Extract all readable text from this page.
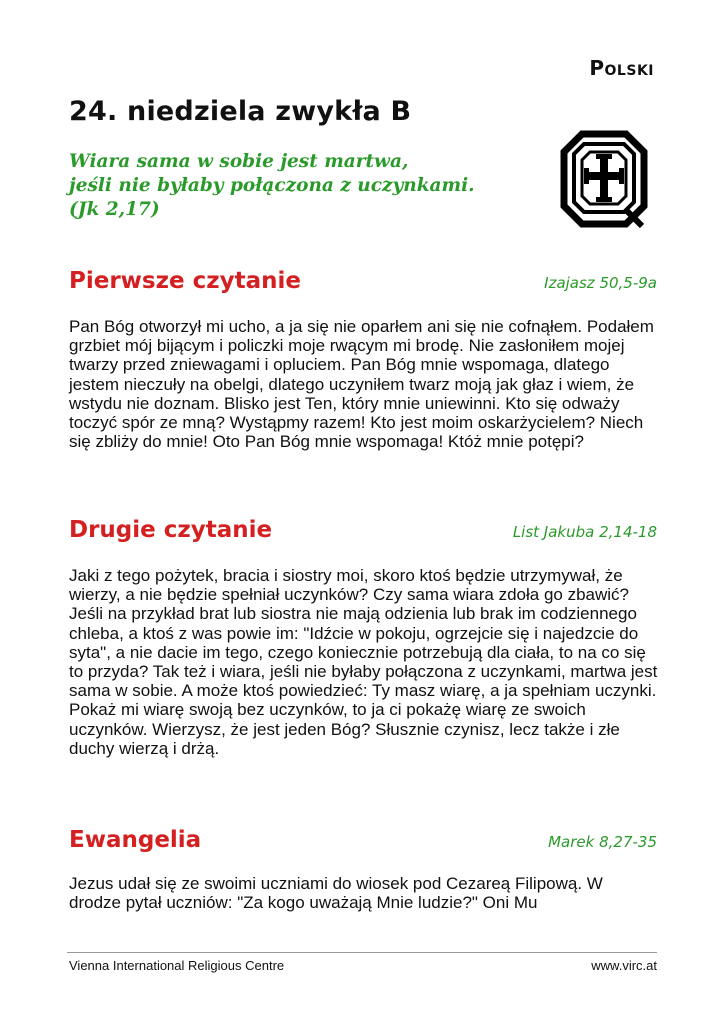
Polski
24. niedziela zwykła B
Wiara sama w sobie jest martwa,
jeśli nie byłaby połączona z uczynkami.
(Jk 2,17)
Pierwsze czytanie	Izajasz 50,5-9a

Pan Bóg otworzył mi ucho, a ja się nie oparłem ani się nie cofnąłem. Podałem grzbiet mój bijącym i policzki moje rwącym mi brodę. Nie zasłoniłem mojej twarzy przed zniewagami i opluciem. Pan Bóg mnie wspomaga, dlatego jestem nieczuły na obelgi, dlatego uczyniłem twarz moją jak głaz i wiem, że wstydu nie doznam. Blisko jest Ten, który mnie uniewinni. Kto się odważy toczyć spór ze mną? Wystąpmy razem! Kto jest moim oskarżycielem? Niech się zbliży do mnie! Oto Pan Bóg mnie wspomaga! Któż mnie potępi?

Drugie czytanie	List Jakuba 2,14-18

Jaki z tego pożytek, bracia i siostry moi, skoro ktoś będzie utrzymywał, że wierzy, a nie będzie spełniał uczynków? Czy sama wiara zdoła go zbawić? Jeśli na przykład brat lub siostra nie mają odzienia lub brak im codziennego chleba, a ktoś z was powie im: "Idźcie w pokoju, ogrzejcie się i najedzcie do syta", a nie dacie im tego, czego koniecznie potrzebują dla ciała, to na co się to przyda? Tak też i wiara, jeśli nie byłaby połączona z uczynkami, martwa jest sama w sobie. A może ktoś powiedzieć: Ty masz wiarę, a ja spełniam uczynki. Pokaż mi wiarę swoją bez uczynków, to ja ci pokażę wiarę ze swoich uczynków. Wierzysz, że jest jeden Bóg? Słusznie czynisz, lecz także i złe duchy wierzą i drżą.

Ewangelia	Marek 8,27-35

Jezus udał się ze swoimi uczniami do wiosek pod Cezareą Filipową. W drodze pytał uczniów: "Za kogo uważają Mnie ludzie?" Oni Mu

Vienna International Religious Centre	www.virc.at
